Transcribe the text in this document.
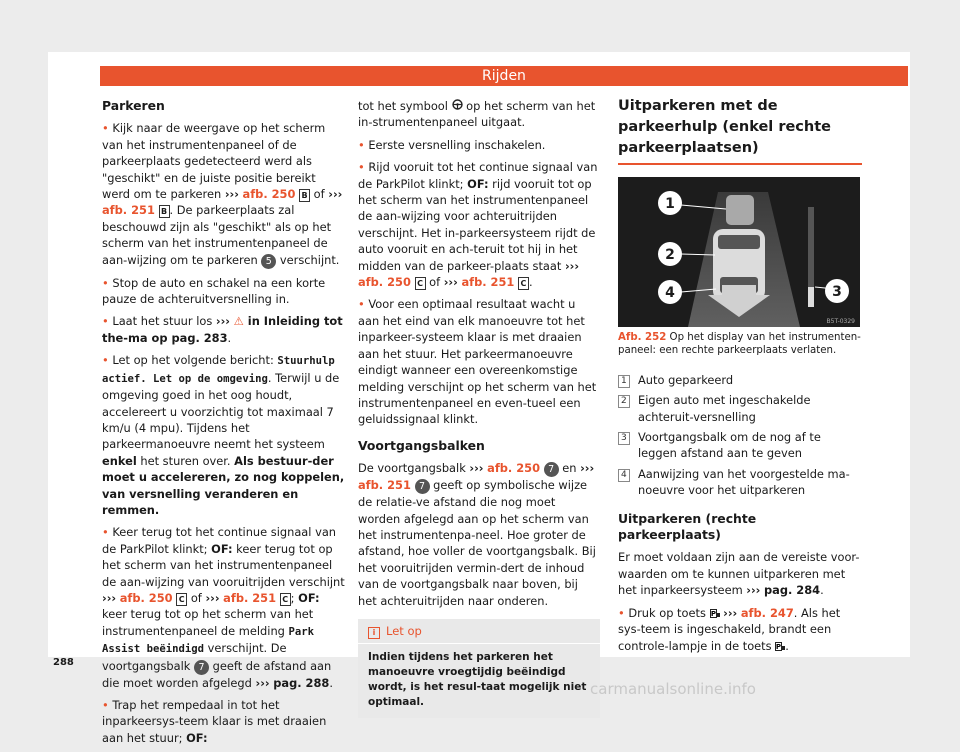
Rijden

Parkeren

• Kijk naar de weergave op het scherm van het instrumentenpaneel of de parkeerplaats gedetecteerd werd als "geschikt" en de juiste positie bereikt werd om te parkeren ››› afb. 250 B of ››› afb. 251 B . De parkeerplaats zal beschouwd zijn als "geschikt" als op het scherm van het instrumentenpaneel de aan-wijzing om te parkeren 5 verschijnt.

• Stop de auto en schakel na een korte pauze de achteruitversnelling in.

• Laat het stuur los ››› ⚠ in Inleiding tot the-ma op pag. 283.

• Let op het volgende bericht: Stuurhulp actief. Let op de omgeving. Terwijl u de omgeving goed in het oog houdt, accelereert u voorzichtig tot maximaal 7 km/u (4 mpu). Tijdens het parkeermanoeuvre neemt het systeem enkel het sturen over. Als bestuur-der moet u accelereren, zo nog koppelen, van versnelling veranderen en remmen.

• Keer terug tot het continue signaal van de ParkPilot klinkt; OF: keer terug tot op het scherm van het instrumentenpaneel de aan-wijzing van vooruitrijden verschijnt ››› afb. 250 C of ››› afb. 251 C ; OF: keer terug tot op het scherm van het instrumentenpaneel de melding Park Assist beëindigd verschijnt. De voortgangsbalk 7 geeft de afstand aan die moet worden afgelegd ››› pag. 288.

• Trap het rempedaal in tot het inparkeersys-teem klaar is met draaien aan het stuur; OF:

tot het symbool  op het scherm van het in-strumentenpaneel uitgaat.

• Eerste versnelling inschakelen.

• Rijd vooruit tot het continue signaal van de ParkPilot klinkt; OF: rijd vooruit tot op het scherm van het instrumentenpaneel de aan-wijzing voor achteruitrijden verschijnt. Het in-parkeersysteem rijdt de auto vooruit en ach-teruit tot hij in het midden van de parkeer-plaats staat ››› afb. 250 C of ››› afb. 251 C .

• Voor een optimaal resultaat wacht u aan het eind van elk manoeuvre tot het inparkeer-systeem klaar is met draaien aan het stuur. Het parkeermanoeuvre eindigt wanneer een overeenkomstige melding verschijnt op het scherm van het instrumentenpaneel en even-tueel een geluidssignaal klinkt.

Voortgangsbalken

De voortgangsbalk ››› afb. 250 7 en ››› afb. 251 7 geeft op symbolische wijze de relatie-ve afstand die nog moet worden afgelegd aan op het scherm van het instrumentenpa-neel. Hoe groter de afstand, hoe voller de voortgangsbalk. Bij het vooruitrijden vermin-dert de inhoud van de voortgangsbalk naar boven, bij het achteruitrijden naar onderen.

i Let op
Indien tijdens het parkeren het manoeuvre vroegtijdig beëindigd wordt, is het resul-taat mogelijk niet optimaal.
Uitparkeren met de parkeerhulp (enkel rechte parkeerplaatsen)
1
2
4	3
B5T-0329

Afb. 252 Op het display van het instrumenten-paneel: een rechte parkeerplaats verlaten.

1 Auto geparkeerd
2 Eigen auto met ingeschakelde achteruit-versnelling
3 Voortgangsbalk om de nog af te leggen afstand aan te geven
4 Aanwijzing van het voorgestelde ma-noeuvre voor het uitparkeren

Uitparkeren (rechte parkeerplaats)

Er moet voldaan zijn aan de vereiste voor-waarden om te kunnen uitparkeren met het inparkeersysteem ››› pag. 284.

• Druk op toets P ››› afb. 247. Als het sys-teem is ingeschakeld, brandt een controle-lampje in de toets P .

288
carmanualsonline.info
